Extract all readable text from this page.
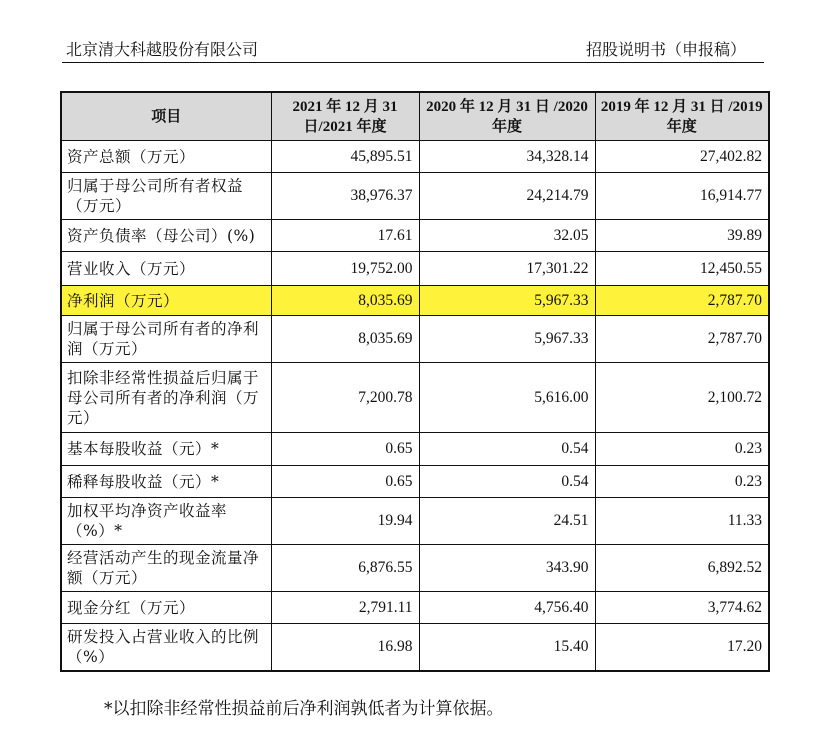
北京清大科越股份有限公司	招股说明书（申报稿）
项目	2021 年 12 月 31 日/2021 年度	2020 年 12 月 31 日 /2020 年度	2019 年 12 月 31 日 /2019 年度
资产总额（万元）	45,895.51	34,328.14	27,402.82
归属于母公司所有者权益（万元）	38,976.37	24,214.79	16,914.77
资产负债率（母公司）(%)	17.61	32.05	39.89
营业收入（万元）	19,752.00	17,301.22	12,450.55
净利润（万元）	8,035.69	5,967.33	2,787.70
归属于母公司所有者的净利润（万元）	8,035.69	5,967.33	2,787.70
扣除非经常性损益后归属于母公司所有者的净利润（万元）	7,200.78	5,616.00	2,100.72
基本每股收益（元）*	0.65	0.54	0.23
稀释每股收益（元）*	0.65	0.54	0.23
加权平均净资产收益率（%）*	19.94	24.51	11.33
经营活动产生的现金流量净额（万元）	6,876.55	343.90	6,892.52
现金分红（万元）	2,791.11	4,756.40	3,774.62
研发投入占营业收入的比例（%）	16.98	15.40	17.20
*以扣除非经常性损益前后净利润孰低者为计算依据。
